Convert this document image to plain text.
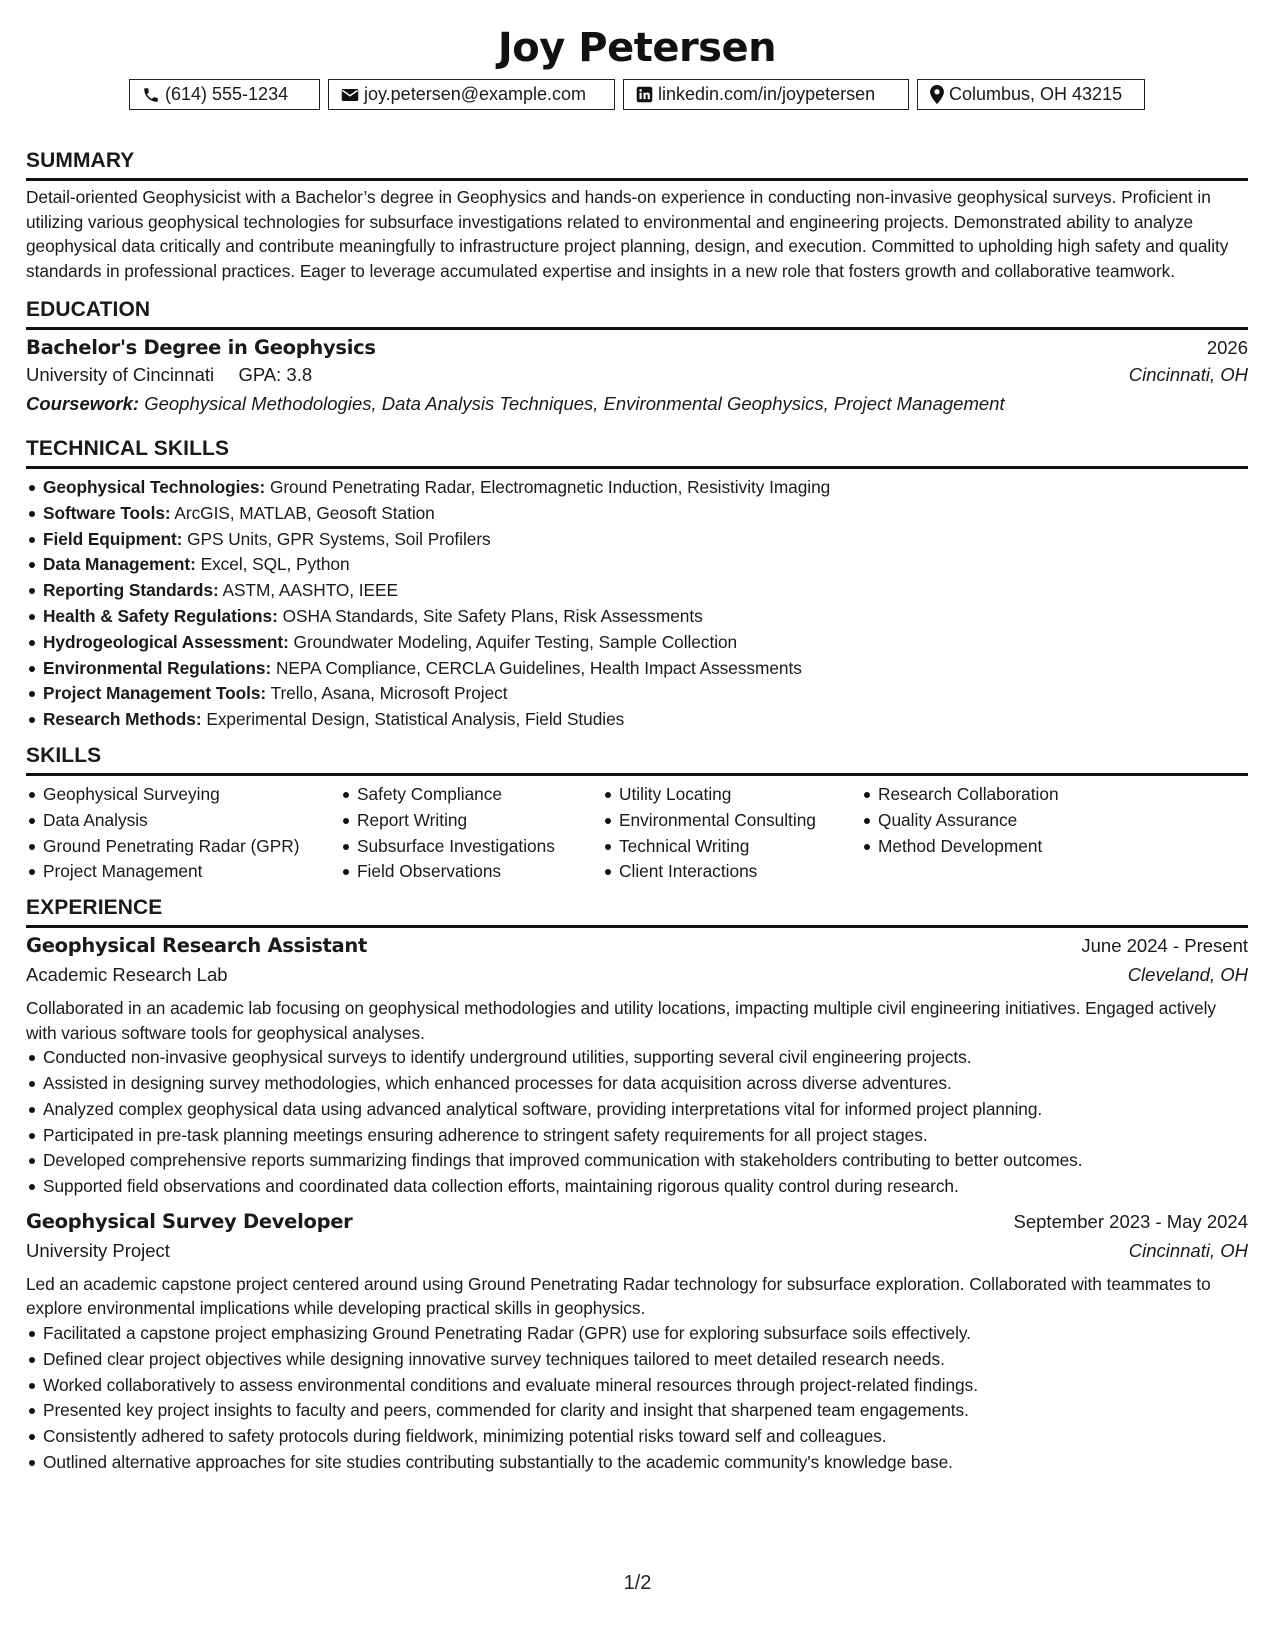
Joy Petersen
(614) 555-1234	joy.petersen@example.com	linkedin.com/in/joypetersen	Columbus, OH 43215
SUMMARY
Detail-oriented Geophysicist with a Bachelor’s degree in Geophysics and hands-on experience in conducting non-invasive geophysical surveys. Proficient in utilizing various geophysical technologies for subsurface investigations related to environmental and engineering projects. Demonstrated ability to analyze geophysical data critically and contribute meaningfully to infrastructure project planning, design, and execution. Committed to upholding high safety and quality standards in professional practices. Eager to leverage accumulated expertise and insights in a new role that fosters growth and collaborative teamwork.
EDUCATION
Bachelor's Degree in Geophysics	2026
University of Cincinnati GPA: 3.8	Cincinnati, OH
Coursework: Geophysical Methodologies, Data Analysis Techniques, Environmental Geophysics, Project Management
TECHNICAL SKILLS
Geophysical Technologies: Ground Penetrating Radar, Electromagnetic Induction, Resistivity Imaging
Software Tools: ArcGIS, MATLAB, Geosoft Station
Field Equipment: GPS Units, GPR Systems, Soil Profilers
Data Management: Excel, SQL, Python
Reporting Standards: ASTM, AASHTO, IEEE
Health & Safety Regulations: OSHA Standards, Site Safety Plans, Risk Assessments
Hydrogeological Assessment: Groundwater Modeling, Aquifer Testing, Sample Collection
Environmental Regulations: NEPA Compliance, CERCLA Guidelines, Health Impact Assessments
Project Management Tools: Trello, Asana, Microsoft Project
Research Methods: Experimental Design, Statistical Analysis, Field Studies
SKILLS
Geophysical Surveying
Data Analysis
Ground Penetrating Radar (GPR)
Project Management
Safety Compliance
Report Writing
Subsurface Investigations
Field Observations
Utility Locating
Environmental Consulting
Technical Writing
Client Interactions
Research Collaboration
Quality Assurance
Method Development
EXPERIENCE
Geophysical Research Assistant	June 2024 - Present
Academic Research Lab	Cleveland, OH
Collaborated in an academic lab focusing on geophysical methodologies and utility locations, impacting multiple civil engineering initiatives. Engaged actively with various software tools for geophysical analyses.
Conducted non-invasive geophysical surveys to identify underground utilities, supporting several civil engineering projects.
Assisted in designing survey methodologies, which enhanced processes for data acquisition across diverse adventures.
Analyzed complex geophysical data using advanced analytical software, providing interpretations vital for informed project planning.
Participated in pre-task planning meetings ensuring adherence to stringent safety requirements for all project stages.
Developed comprehensive reports summarizing findings that improved communication with stakeholders contributing to better outcomes.
Supported field observations and coordinated data collection efforts, maintaining rigorous quality control during research.
Geophysical Survey Developer	September 2023 - May 2024
University Project	Cincinnati, OH
Led an academic capstone project centered around using Ground Penetrating Radar technology for subsurface exploration. Collaborated with teammates to explore environmental implications while developing practical skills in geophysics.
Facilitated a capstone project emphasizing Ground Penetrating Radar (GPR) use for exploring subsurface soils effectively.
Defined clear project objectives while designing innovative survey techniques tailored to meet detailed research needs.
Worked collaboratively to assess environmental conditions and evaluate mineral resources through project-related findings.
Presented key project insights to faculty and peers, commended for clarity and insight that sharpened team engagements.
Consistently adhered to safety protocols during fieldwork, minimizing potential risks toward self and colleagues.
Outlined alternative approaches for site studies contributing substantially to the academic community's knowledge base.
1/2
